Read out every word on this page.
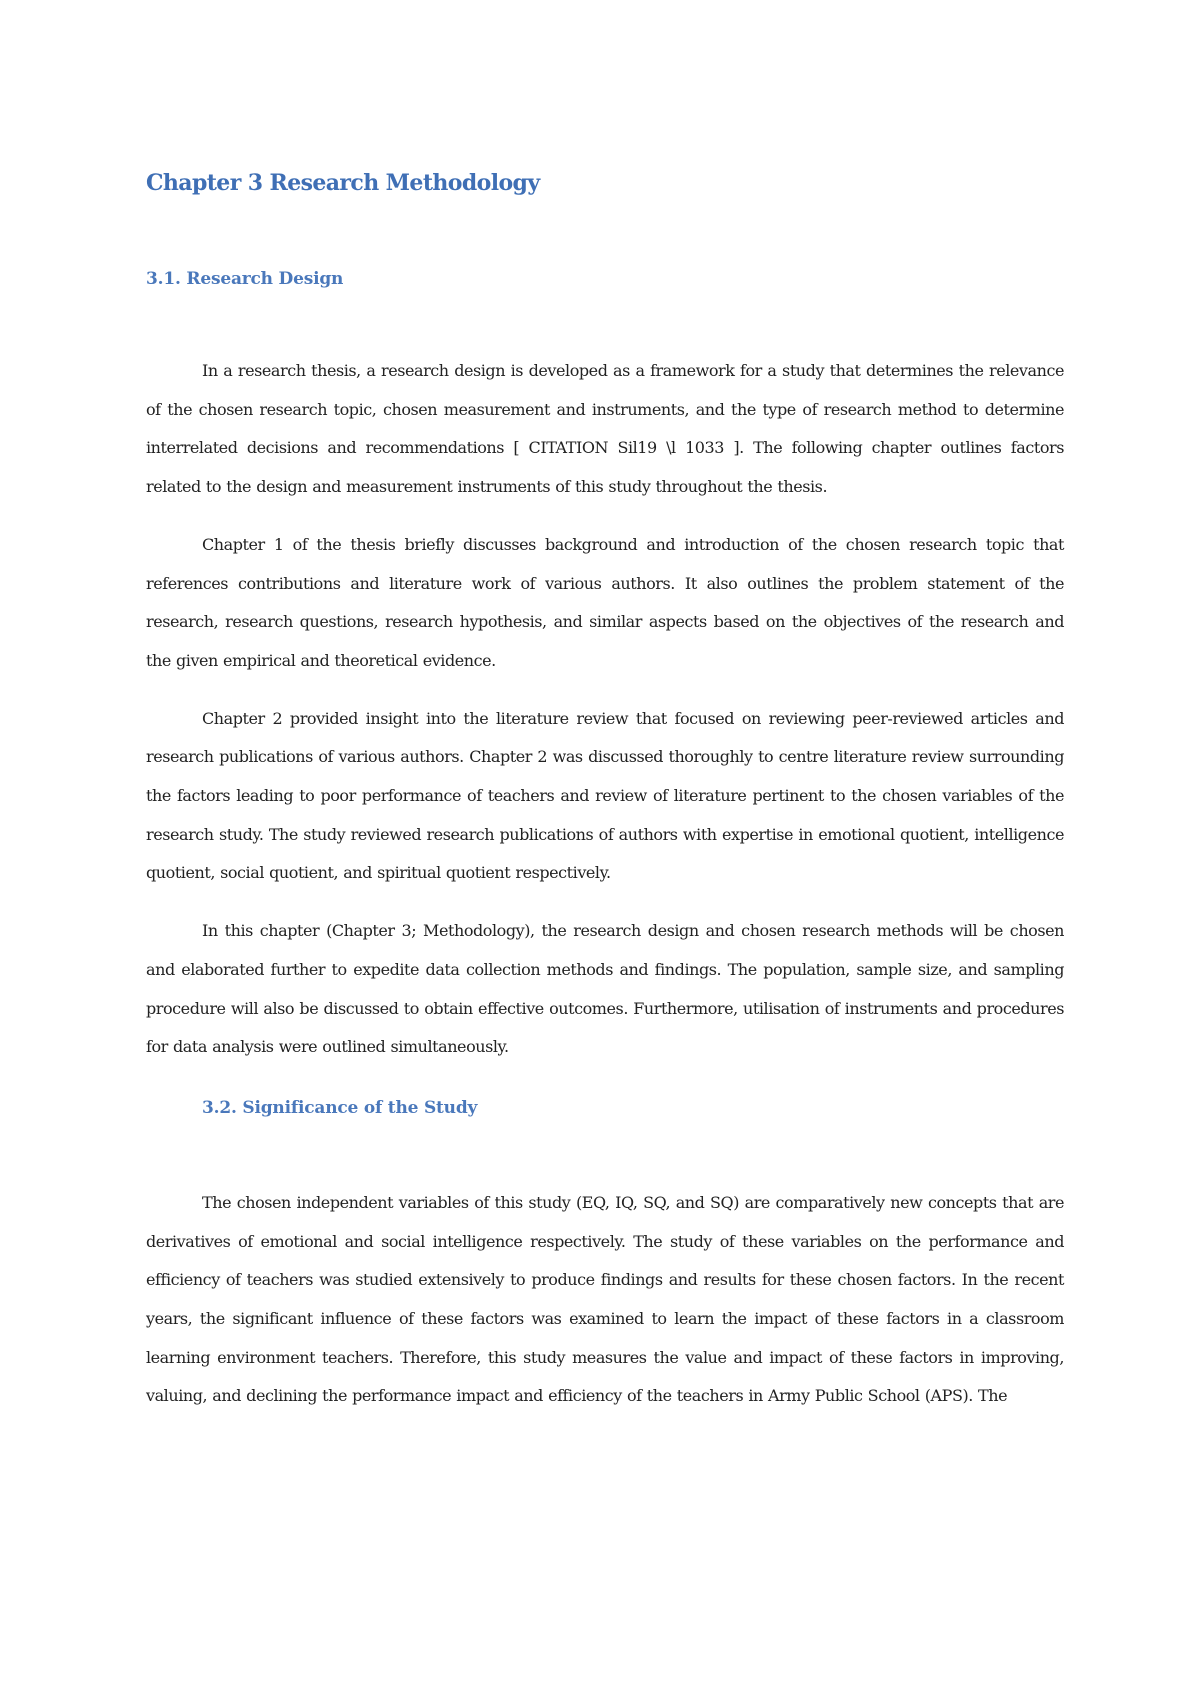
Chapter 3 Research Methodology
3.1. Research Design

In a research thesis, a research design is developed as a framework for a study that determines the relevance of the chosen research topic, chosen measurement and instruments, and the type of research method to determine interrelated decisions and recommendations [ CITATION Sil19 \l 1033 ]. The following chapter outlines factors related to the design and measurement instruments of this study throughout the thesis.

Chapter 1 of the thesis briefly discusses background and introduction of the chosen research topic that references contributions and literature work of various authors. It also outlines the problem statement of the research, research questions, research hypothesis, and similar aspects based on the objectives of the research and the given empirical and theoretical evidence.

Chapter 2 provided insight into the literature review that focused on reviewing peer-reviewed articles and research publications of various authors. Chapter 2 was discussed thoroughly to centre literature review surrounding the factors leading to poor performance of teachers and review of literature pertinent to the chosen variables of the research study. The study reviewed research publications of authors with expertise in emotional quotient, intelligence quotient, social quotient, and spiritual quotient respectively.

In this chapter (Chapter 3; Methodology), the research design and chosen research methods will be chosen and elaborated further to expedite data collection methods and findings. The population, sample size, and sampling procedure will also be discussed to obtain effective outcomes. Furthermore, utilisation of instruments and procedures for data analysis were outlined simultaneously.

3.2. Significance of the Study

The chosen independent variables of this study (EQ, IQ, SQ, and SQ) are comparatively new concepts that are derivatives of emotional and social intelligence respectively. The study of these variables on the performance and efficiency of teachers was studied extensively to produce findings and results for these chosen factors. In the recent years, the significant influence of these factors was examined to learn the impact of these factors in a classroom learning environment teachers. Therefore, this study measures the value and impact of these factors in improving, valuing, and declining the performance impact and efficiency of the teachers in Army Public School (APS). The
